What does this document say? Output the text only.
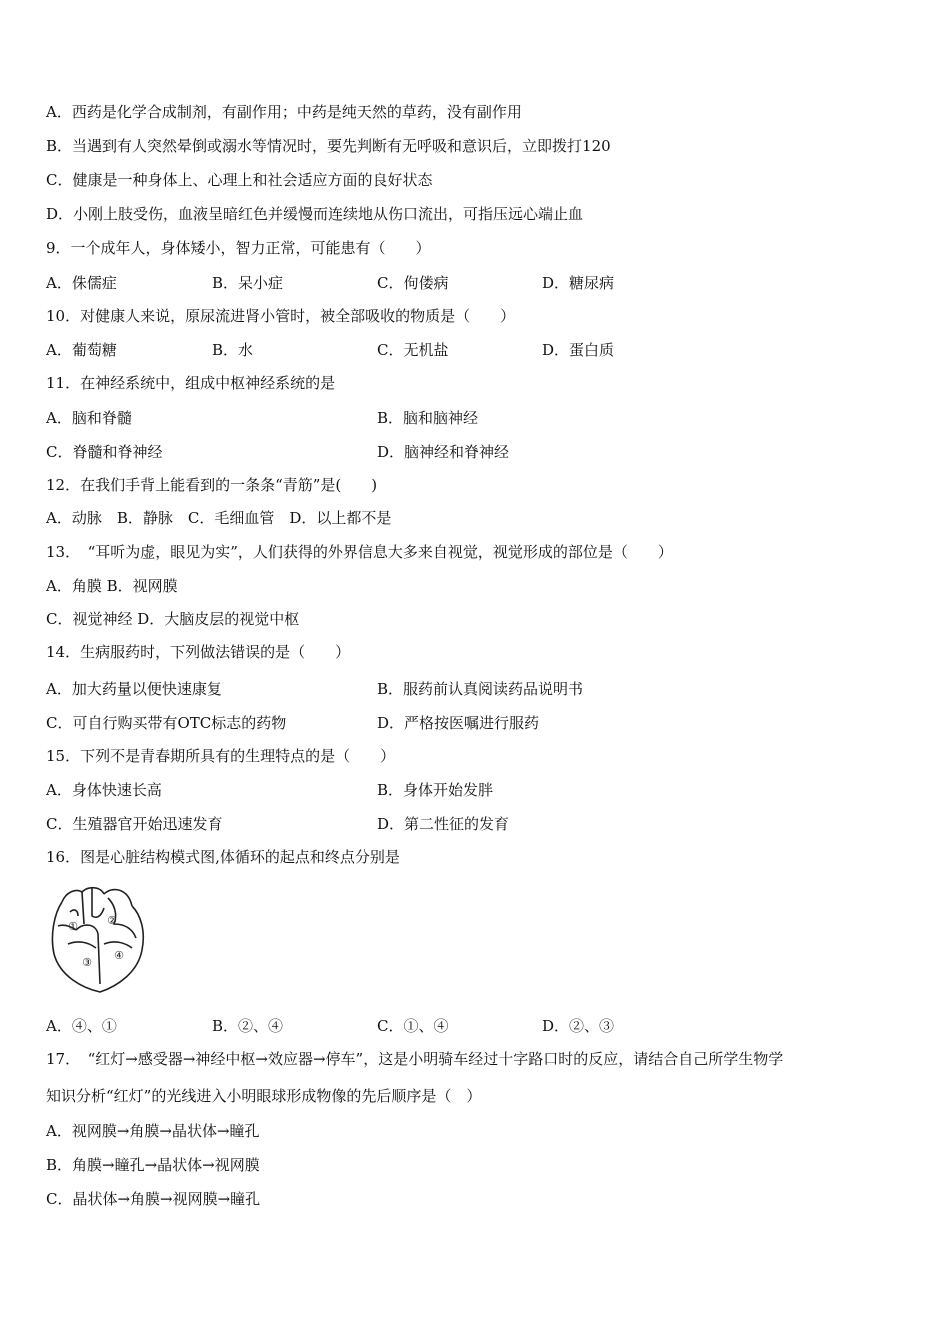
A．西药是化学合成制剂，有副作用；中药是纯天然的草药，没有副作用
B．当遇到有人突然晕倒或溺水等情况时，要先判断有无呼吸和意识后，立即拨打120
C．健康是一种身体上、心理上和社会适应方面的良好状态
D．小刚上肢受伤，血液呈暗红色并缓慢而连续地从伤口流出，可指压远心端止血
9．一个成年人，身体矮小，智力正常，可能患有（　　）
A．侏儒症	B．呆小症	C．佝偻病	D．糖尿病
10．对健康人来说，原尿流进肾小管时，被全部吸收的物质是（　　）
A．葡萄糖	B．水	C．无机盐	D．蛋白质
11．在神经系统中，组成中枢神经系统的是
A．脑和脊髓	B．脑和脑神经
C．脊髓和脊神经	D．脑神经和脊神经
12．在我们手背上能看到的一条条“青筋”是(　　)
A．动脉　B．静脉　C．毛细血管　D．以上都不是
13．　“耳听为虚，眼见为实”，人们获得的外界信息大多来自视觉，视觉形成的部位是（　　）
A．角膜 B．视网膜
C．视觉神经 D．大脑皮层的视觉中枢
14．生病服药时，下列做法错误的是（　　）
A．加大药量以便快速康复	B．服药前认真阅读药品说明书
C．可自行购买带有OTC标志的药物	D．严格按医嘱进行服药
15．下列不是青春期所具有的生理特点的是（　　）
A．身体快速长高	B．身体开始发胖
C．生殖器官开始迅速发育	D．第二性征的发育
16．图是心脏结构模式图,体循环的起点和终点分别是
①	②
③
④
A．④、①	B．②、④	C．①、④	D．②、③
17．　“红灯→感受器→神经中枢→效应器→停车”，这是小明骑车经过十字路口时的反应，请结合自己所学生物学
知识分析“红灯”的光线进入小明眼球形成物像的先后顺序是（　）
A．视网膜→角膜→晶状体→瞳孔
B．角膜→瞳孔→晶状体→视网膜
C．晶状体→角膜→视网膜→瞳孔
